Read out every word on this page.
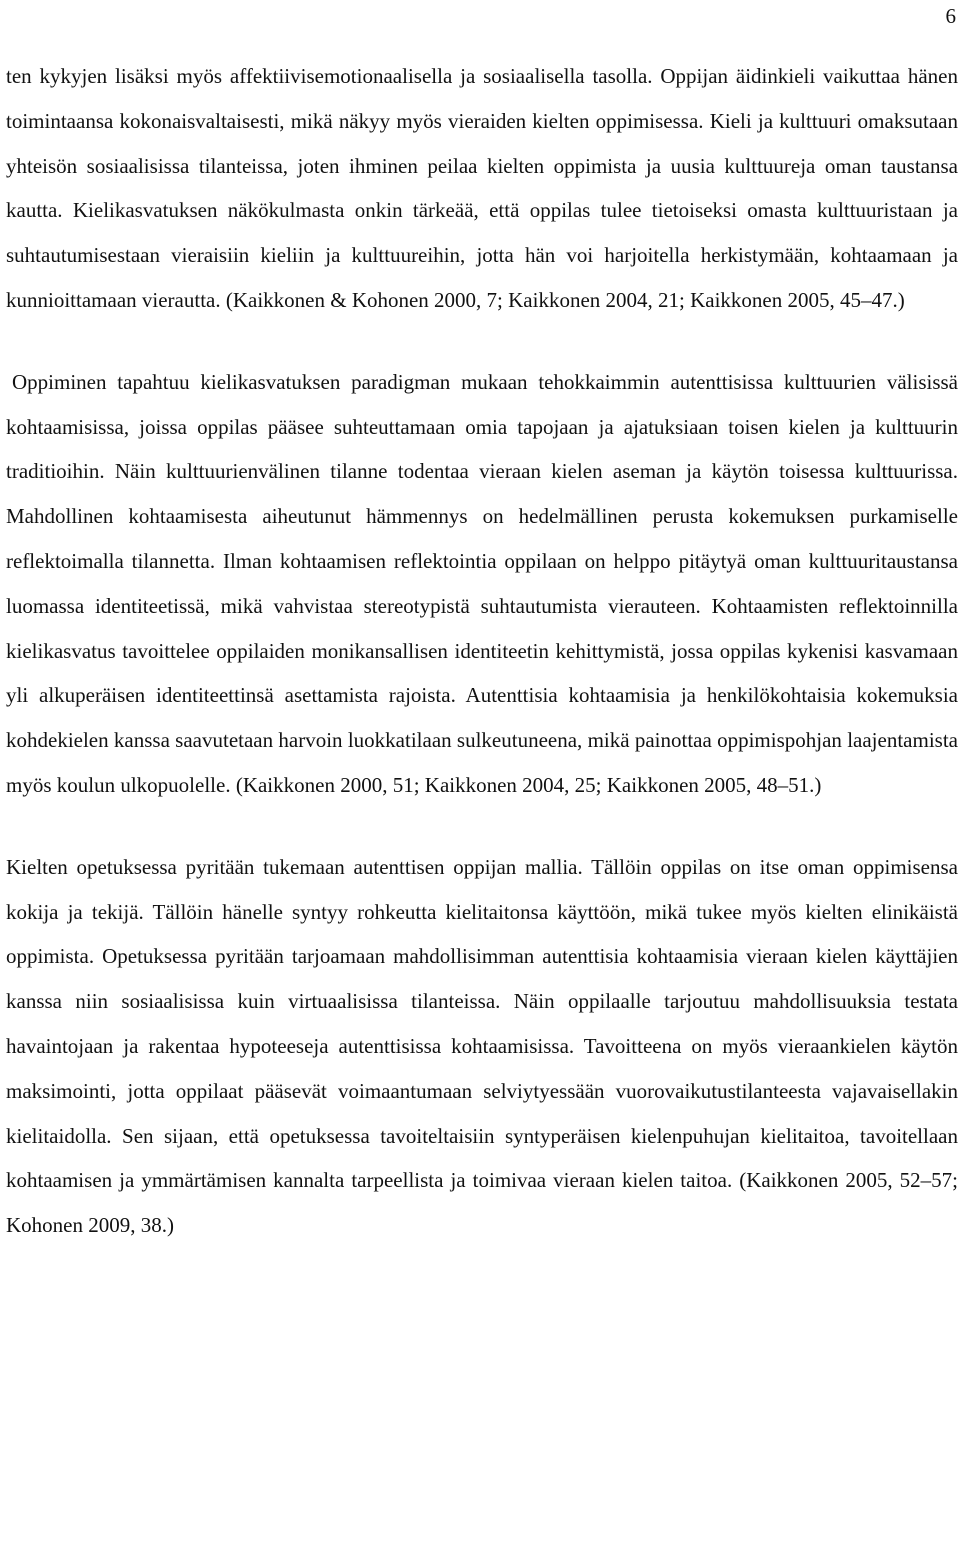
6

ten kykyjen lisäksi myös affektiivisemotionaalisella ja sosiaalisella tasolla. Oppijan äidinkieli vaikuttaa hänen toimintaansa kokonaisvaltaisesti, mikä näkyy myös vieraiden kielten oppimisessa. Kieli ja kulttuuri omaksutaan yhteisön sosiaalisissa tilanteissa, joten ihminen peilaa kielten oppimista ja uusia kulttuureja oman taustansa kautta. Kielikasvatuksen näkökulmasta onkin tärkeää, että oppilas tulee tietoiseksi omasta kulttuuristaan ja suhtautumisestaan vieraisiin kieliin ja kulttuureihin, jotta hän voi harjoitella herkistymään, kohtaamaan ja kunnioittamaan vierautta. (Kaikkonen & Kohonen 2000, 7; Kaikkonen 2004, 21; Kaikkonen 2005, 45–47.)

Oppiminen tapahtuu kielikasvatuksen paradigman mukaan tehokkaimmin autenttisissa kulttuurien välisissä kohtaamisissa, joissa oppilas pääsee suhteuttamaan omia tapojaan ja ajatuksiaan toisen kielen ja kulttuurin traditioihin. Näin kulttuurienvälinen tilanne todentaa vieraan kielen aseman ja käytön toisessa kulttuurissa. Mahdollinen kohtaamisesta aiheutunut hämmennys on hedelmällinen perusta kokemuksen purkamiselle reflektoimalla tilannetta. Ilman kohtaamisen reflektointia oppilaan on helppo pitäytyä oman kulttuuritaustansa luomassa identiteetissä, mikä vahvistaa stereotypistä suhtautumista vierauteen. Kohtaamisten reflektoinnilla kielikasvatus tavoittelee oppilaiden monikansallisen identiteetin kehittymistä, jossa oppilas kykenisi kasvamaan yli alkuperäisen identiteettinsä asettamista rajoista. Autenttisia kohtaamisia ja henkilökohtaisia kokemuksia kohdekielen kanssa saavutetaan harvoin luokkatilaan sulkeutuneena, mikä painottaa oppimispohjan laajentamista myös koulun ulkopuolelle. (Kaikkonen 2000, 51; Kaikkonen 2004, 25; Kaikkonen 2005, 48–51.)

Kielten opetuksessa pyritään tukemaan autenttisen oppijan mallia. Tällöin oppilas on itse oman oppimisensa kokija ja tekijä. Tällöin hänelle syntyy rohkeutta kielitaitonsa käyttöön, mikä tukee myös kielten elinikäistä oppimista. Opetuksessa pyritään tarjoamaan mahdollisimman autenttisia kohtaamisia vieraan kielen käyttäjien kanssa niin sosiaalisissa kuin virtuaalisissa tilanteissa. Näin oppilaalle tarjoutuu mahdollisuuksia testata havaintojaan ja rakentaa hypoteeseja autenttisissa kohtaamisissa. Tavoitteena on myös vieraankielen käytön maksimointi, jotta oppilaat pääsevät voimaantumaan selviytyessään vuorovaikutustilanteesta vajavaisellakin kielitaidolla. Sen sijaan, että opetuksessa tavoiteltaisiin syntyperäisen kielenpuhujan kielitaitoa, tavoitellaan kohtaamisen ja ymmärtämisen kannalta tarpeellista ja toimivaa vieraan kielen taitoa. (Kaikkonen 2005, 52–57; Kohonen 2009, 38.)
